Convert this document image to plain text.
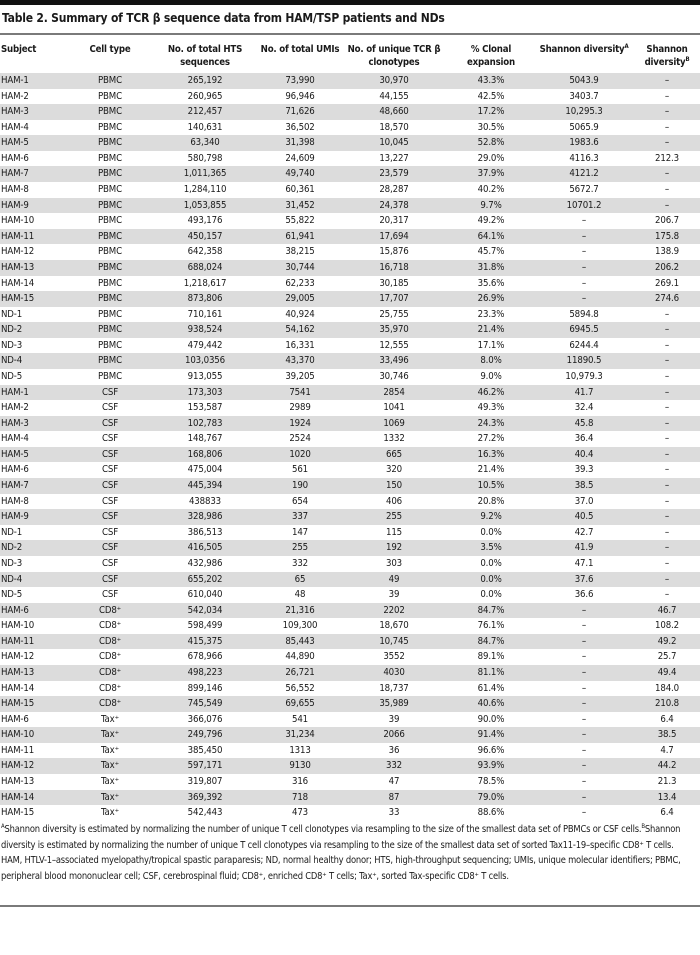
Table 2. Summary of TCR β sequence data from HAM/TSP patients and NDs
Subject	Cell type	No. of total HTS sequences	No. of total UMIs	No. of unique TCR β clonotypes	% Clonal expansion	Shannon diversity$^A$	Shannon diversity$^B$
HAM-1	PBMC	265,192	73,990	30,970	43.3%	5043.9	–
HAM-2	PBMC	260,965	96,946	44,155	42.5%	3403.7	–
HAM-3	PBMC	212,457	71,626	48,660	17.2%	10,295.3	–
HAM-4	PBMC	140,631	36,502	18,570	30.5%	5065.9	–
HAM-5	PBMC	63,340	31,398	10,045	52.8%	1983.6	–
HAM-6	PBMC	580,798	24,609	13,227	29.0%	4116.3	212.3
HAM-7	PBMC	1,011,365	49,740	23,579	37.9%	4121.2	–
HAM-8	PBMC	1,284,110	60,361	28,287	40.2%	5672.7	–
HAM-9	PBMC	1,053,855	31,452	24,378	9.7%	10701.2	–
HAM-10	PBMC	493,176	55,822	20,317	49.2%	–	206.7
HAM-11	PBMC	450,157	61,941	17,694	64.1%	–	175.8
HAM-12	PBMC	642,358	38,215	15,876	45.7%	–	138.9
HAM-13	PBMC	688,024	30,744	16,718	31.8%	–	206.2
HAM-14	PBMC	1,218,617	62,233	30,185	35.6%	–	269.1
HAM-15	PBMC	873,806	29,005	17,707	26.9%	–	274.6
ND-1	PBMC	710,161	40,924	25,755	23.3%	5894.8	–
ND-2	PBMC	938,524	54,162	35,970	21.4%	6945.5	–
ND-3	PBMC	479,442	16,331	12,555	17.1%	6244.4	–
ND-4	PBMC	103,0356	43,370	33,496	8.0%	11890.5	–
ND-5	PBMC	913,055	39,205	30,746	9.0%	10,979.3	–
HAM-1	CSF	173,303	7541	2854	46.2%	41.7	–
HAM-2	CSF	153,587	2989	1041	49.3%	32.4	–
HAM-3	CSF	102,783	1924	1069	24.3%	45.8	–
HAM-4	CSF	148,767	2524	1332	27.2%	36.4	–
HAM-5	CSF	168,806	1020	665	16.3%	40.4	–
HAM-6	CSF	475,004	561	320	21.4%	39.3	–
HAM-7	CSF	445,394	190	150	10.5%	38.5	–
HAM-8	CSF	438833	654	406	20.8%	37.0	–
HAM-9	CSF	328,986	337	255	9.2%	40.5	–
ND-1	CSF	386,513	147	115	0.0%	42.7	–
ND-2	CSF	416,505	255	192	3.5%	41.9	–
ND-3	CSF	432,986	332	303	0.0%	47.1	–
ND-4	CSF	655,202	65	49	0.0%	37.6	–
ND-5	CSF	610,040	48	39	0.0%	36.6	–
HAM-6	CD8⁺	542,034	21,316	2202	84.7%	–	46.7
HAM-10	CD8⁺	598,499	109,300	18,670	76.1%	–	108.2
HAM-11	CD8⁺	415,375	85,443	10,745	84.7%	–	49.2
HAM-12	CD8⁺	678,966	44,890	3552	89.1%	–	25.7
HAM-13	CD8⁺	498,223	26,721	4030	81.1%	–	49.4
HAM-14	CD8⁺	899,146	56,552	18,737	61.4%	–	184.0
HAM-15	CD8⁺	745,549	69,655	35,989	40.6%	–	210.8
HAM-6	Tax⁺	366,076	541	39	90.0%	–	6.4
HAM-10	Tax⁺	249,796	31,234	2066	91.4%	–	38.5
HAM-11	Tax⁺	385,450	1313	36	96.6%	–	4.7
HAM-12	Tax⁺	597,171	9130	332	93.9%	–	44.2
HAM-13	Tax⁺	319,807	316	47	78.5%	–	21.3
HAM-14	Tax⁺	369,392	718	87	79.0%	–	13.4
HAM-15	Tax⁺	542,443	473	33	88.6%	–	6.4
$^A$Shannon diversity is estimated by normalizing the number of unique T cell clonotypes via resampling to the size of the smallest data set of PBMCs or CSF cells.$^B$Shannon diversity is estimated by normalizing the number of unique T cell clonotypes via resampling to the size of the smallest data set of sorted Tax11-19–specific CD8⁺ T cells. HAM, HTLV-1–associated myelopathy/tropical spastic paraparesis; ND, normal healthy donor; HTS, high-throughput sequencing; UMIs, unique molecular identifiers; PBMC, peripheral blood mononuclear cell; CSF, cerebrospinal fluid; CD8⁺, enriched CD8⁺ T cells; Tax⁺, sorted Tax-specific CD8⁺ T cells.
